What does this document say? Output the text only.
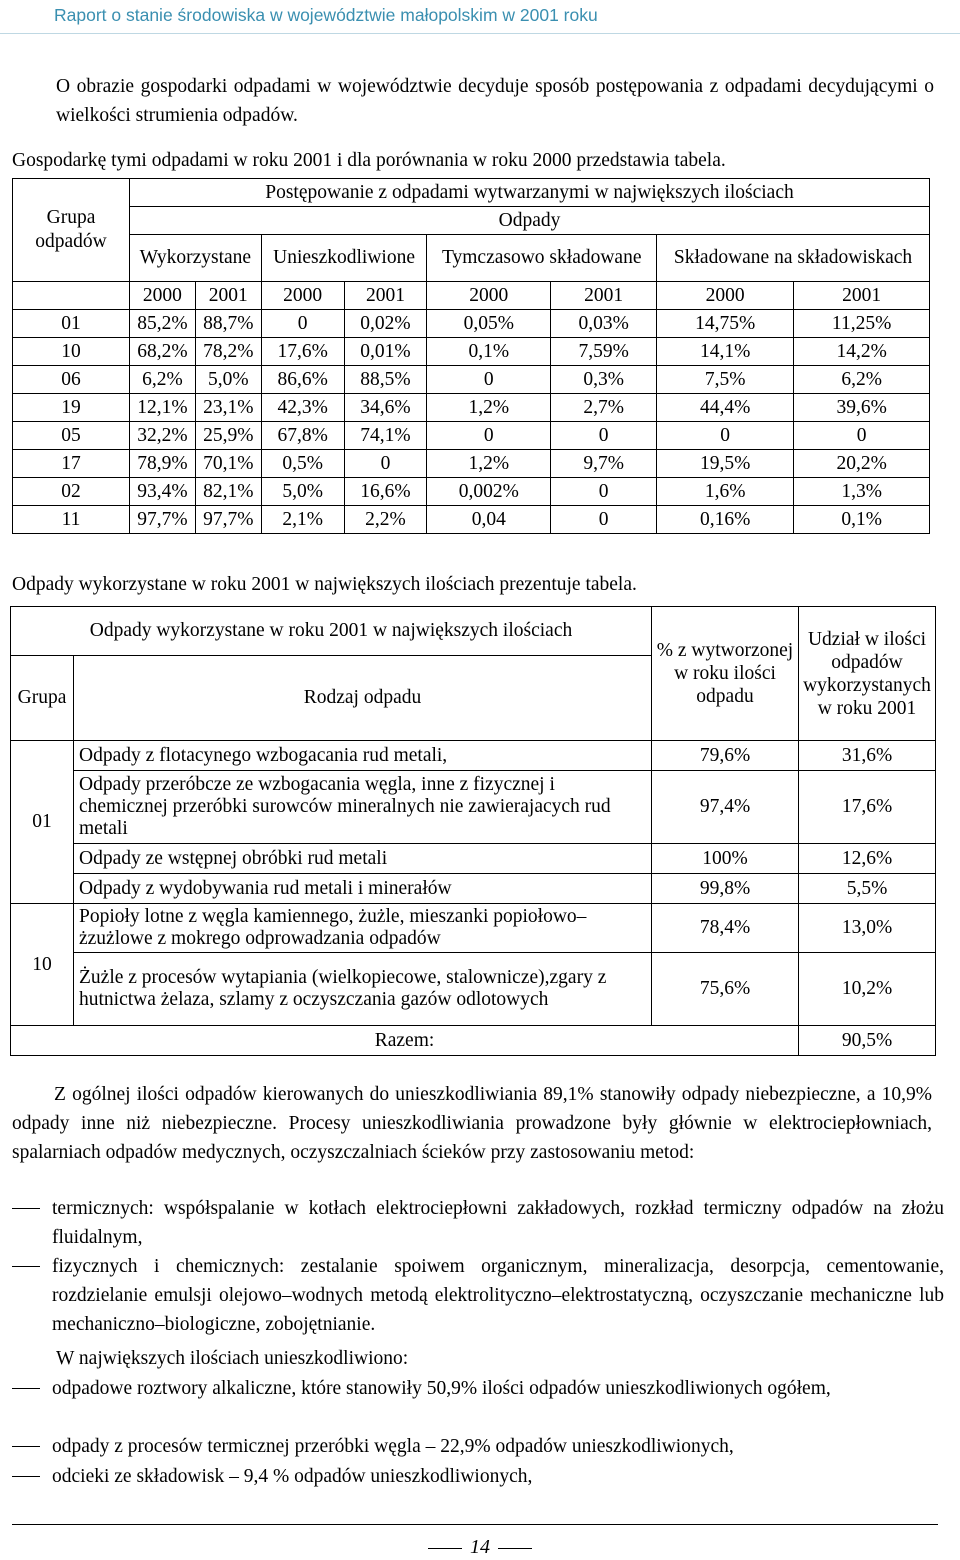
Raport o stanie środowiska w województwie małopolskim w 2001 roku

O obrazie gospodarki odpadami w województwie decyduje sposób postępowania z odpadami decydującymi o wielkości strumienia odpadów.

Gospodarkę tymi odpadami w roku 2001 i dla porównania w roku 2000 przedstawia tabela.

Grupa odpadów	Postępowanie z odpadami wytwarzanymi w największych ilościach							
	Odpady							
	Wykorzystane		Unieszkodliwione		Tymczasowo składowane		Składowane na składowiskach	
	2000	2001	2000	2001	2000	2001	2000	2001
01	85,2%	88,7%	0	0,02%	0,05%	0,03%	14,75%	11,25%
10	68,2%	78,2%	17,6%	0,01%	0,1%	7,59%	14,1%	14,2%
06	6,2%	5,0%	86,6%	88,5%	0	0,3%	7,5%	6,2%
19	12,1%	23,1%	42,3%	34,6%	1,2%	2,7%	44,4%	39,6%
05	32,2%	25,9%	67,8%	74,1%	0	0	0	0
17	78,9%	70,1%	0,5%	0	1,2%	9,7%	19,5%	20,2%
02	93,4%	82,1%	5,0%	16,6%	0,002%	0	1,6%	1,3%
11	97,7%	97,7%	2,1%	2,2%	0,04	0	0,16%	0,1%

Odpady wykorzystane w roku 2001 w największych ilościach prezentuje tabela.

Odpady wykorzystane w roku 2001 w największych ilościach		% z wytworzonej w roku ilości odpadu	Udział w ilości odpadów wykorzystanych w roku 2001
Grupa	Rodzaj odpadu		
01	Odpady z flotacynego wzbogacania rud metali,	79,6%	31,6%
	Odpady przeróbcze ze wzbogacania węgla, inne z fizycznej i chemicznej przeróbki surowców mineralnych nie zawierajacych rud metali	97,4%	17,6%
	Odpady ze wstępnej obróbki rud metali	100%	12,6%
	Odpady z wydobywania rud metali i minerałów	99,8%	5,5%
10	Popioły lotne z węgla kamiennego, żużle, mieszanki popiołowo–żzużlowe z mokrego odprowadzania odpadów	78,4%	13,0%
	Żużle z procesów wytapiania (wielkopiecowe, stalownicze),zgary z hutnictwa żelaza, szlamy z oczyszczania gazów odlotowych	75,6%	10,2%
Razem:			90,5%

Z ogólnej ilości odpadów kierowanych do unieszkodliwiania 89,1% stanowiły odpady niebezpieczne, a 10,9% odpady inne niż niebezpieczne. Procesy unieszkodliwiania prowadzone były głównie w elektrociepłowniach, spalarniach odpadów medycznych, oczyszczalniach ścieków przy zastosowaniu metod:

termicznych: współspalanie w kotłach elektrociepłowni zakładowych, rozkład termiczny odpadów na złożu fluidalnym,
fizycznych i chemicznych: zestalanie spoiwem organicznym, mineralizacja, desorpcja, cementowanie, rozdzielanie emulsji olejowo–wodnych metodą elektrolityczno–elektrostatyczną, oczyszczanie mechaniczne lub mechaniczno–biologiczne, zobojętnianie.

W największych ilościach unieszkodliwiono:

odpadowe roztwory alkaliczne, które stanowiły 50,9% ilości odpadów unieszkodliwionych ogółem,
odpady z procesów termicznej przeróbki węgla – 22,9% odpadów unieszkodliwionych,
odcieki ze składowisk – 9,4 % odpadów unieszkodliwionych,
14
